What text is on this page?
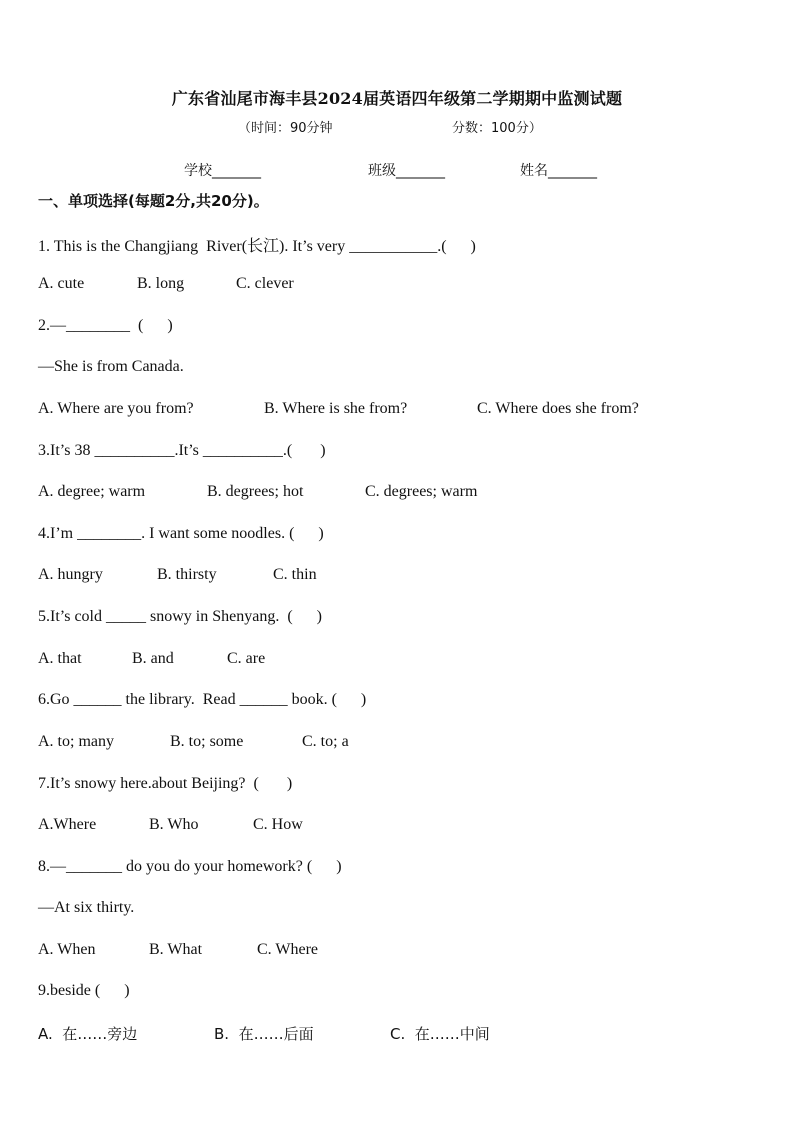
广东省汕尾市海丰县2024届英语四年级第二学期期中监测试题
（时间：90分钟	分数：100分）
学校_______	班级_______	姓名_______
一、单项选择(每题2分,共20分)。
1. This is the Changjiang  River(长江). It’s very ___________.(      )
A. cute	B. long	C. clever
2.—________  (      )
—She is from Canada.
A. Where are you from?	B. Where is she from?	C. Where does she from?
3.It’s 38 __________.It’s __________.(       )
A. degree; warm	B. degrees; hot	C. degrees; warm
4.I’m ________. I want some noodles. (      )
A. hungry	B. thirsty	C. thin
5.It’s cold _____ snowy in Shenyang.  (      )
A. that	B. and	C. are
6.Go ______ the library.  Read ______ book. (      )
A. to; many	B. to; some	C. to; a
7.It’s snowy here.about Beijing?  (       )
A.Where	B. Who	C. How
8.—_______ do you do your homework? (      )
—At six thirty.
A. When	B. What	C. Where
9.beside (      )
A.  在……旁边	B.  在……后面	C.  在……中间
